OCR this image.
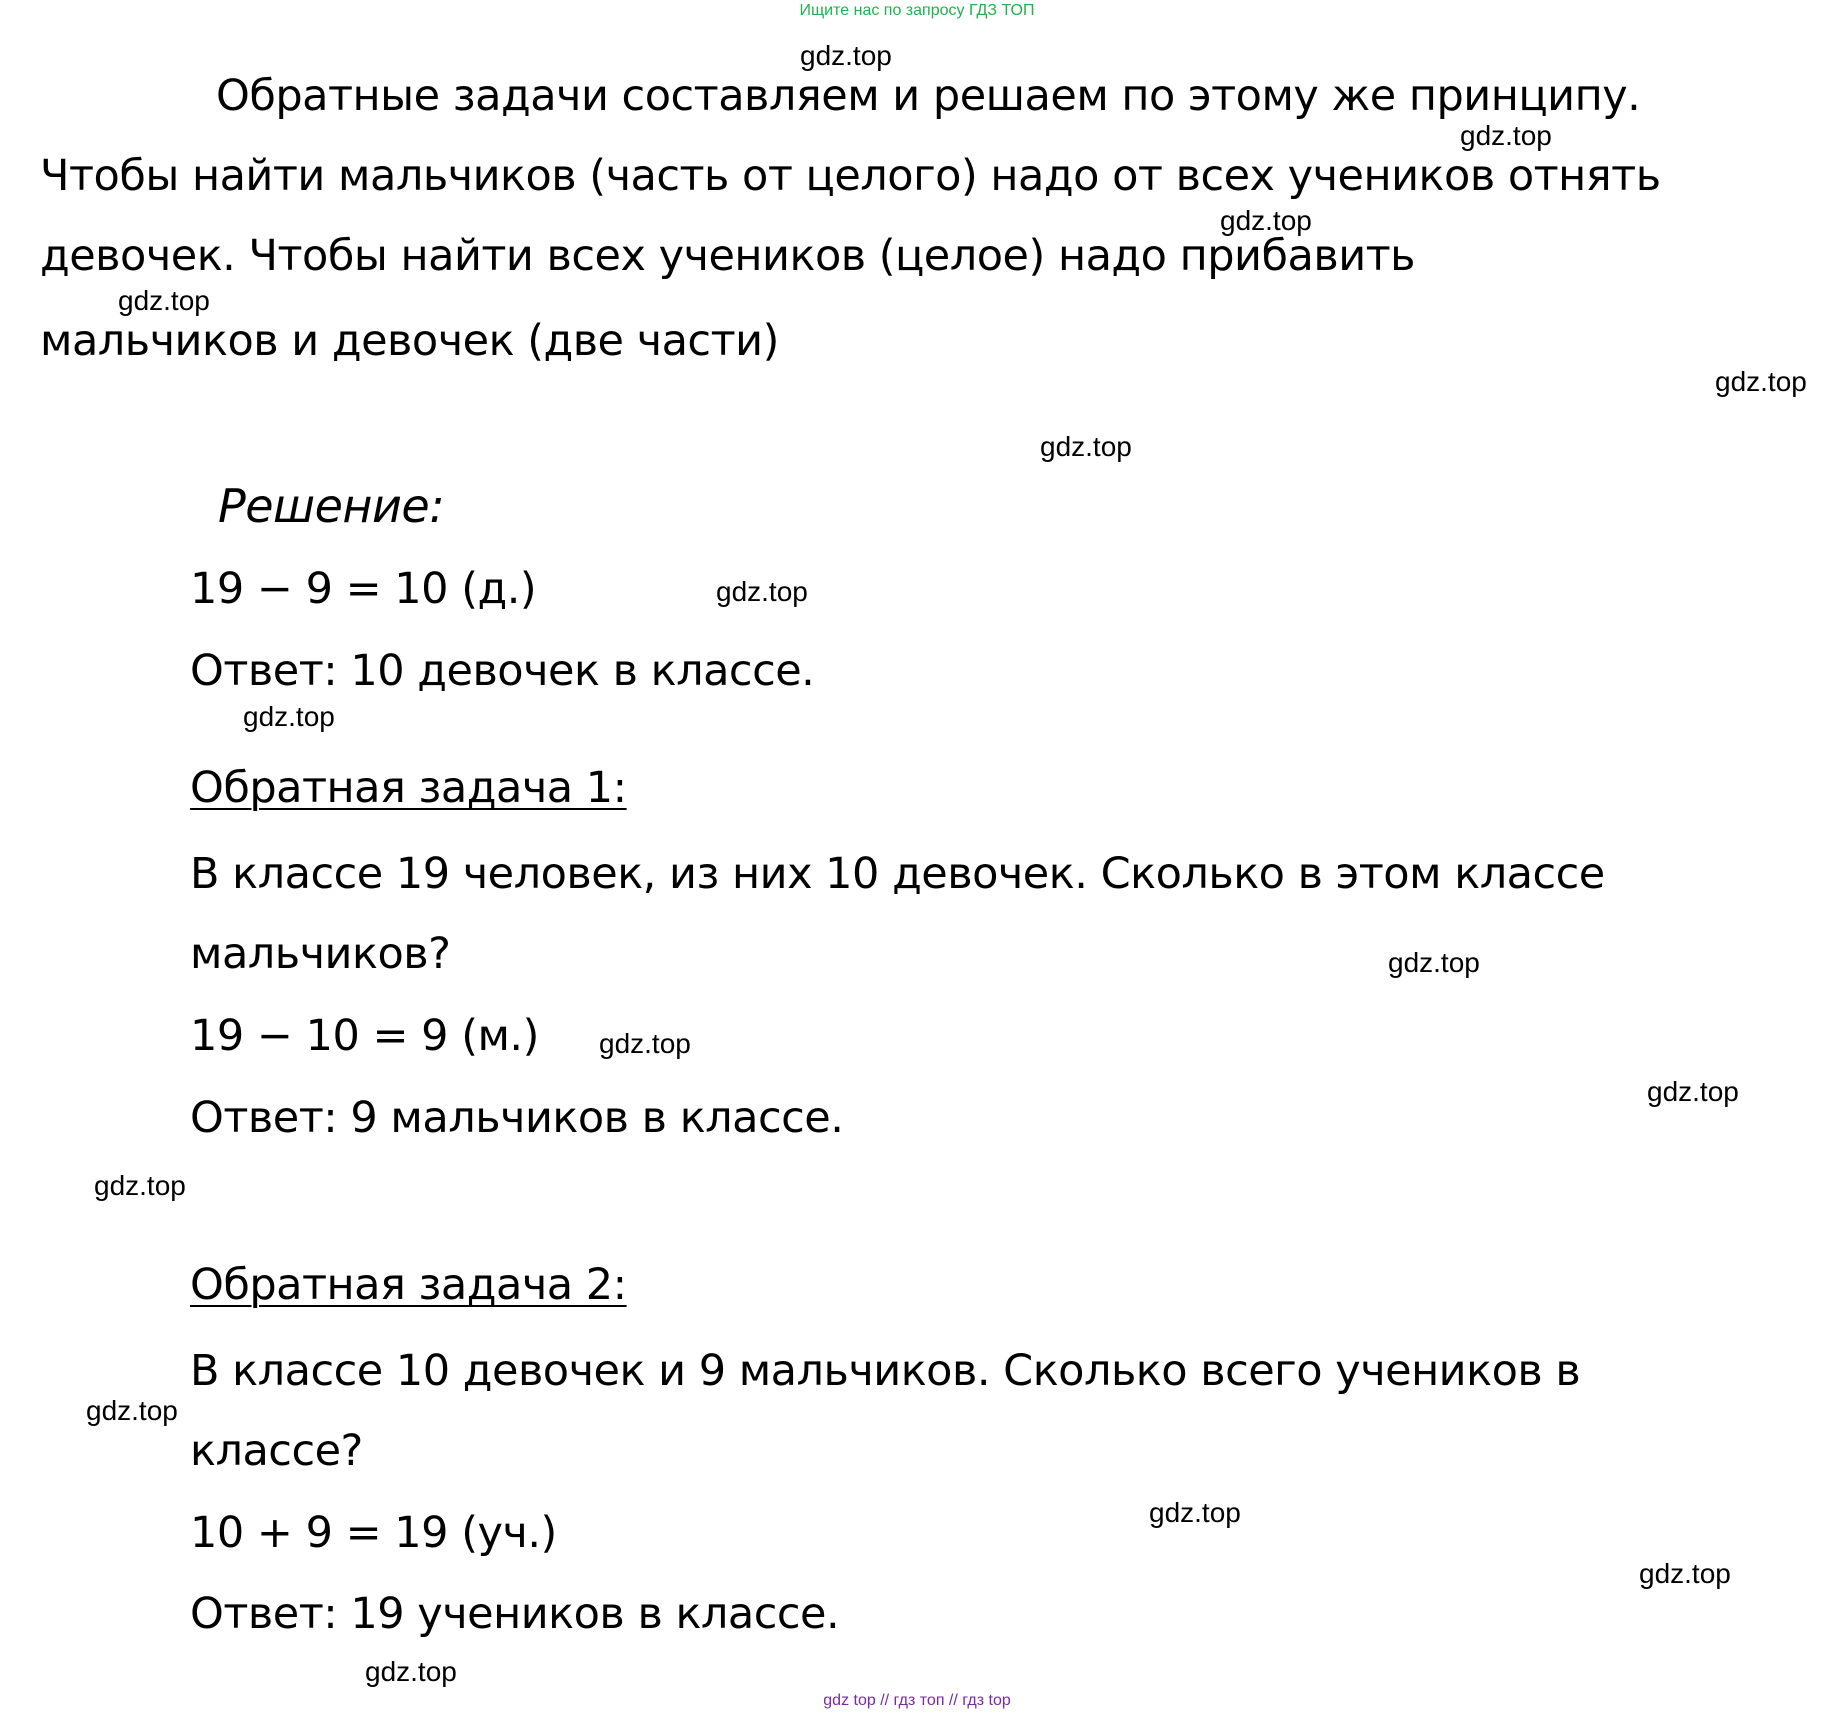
Ищите нас по запросу ГДЗ ТОП
Обратные задачи составляем и решаем по этому же принципу.
Чтобы найти мальчиков (часть от целого) надо от всех учеников отнять
девочек. Чтобы найти всех учеников (целое) надо прибавить
мальчиков и девочек (две части)
Решение:
19 − 9 = 10 (д.)
Ответ: 10 девочек в классе.
Обратная задача 1:
В классе 19 человек, из них 10 девочек. Сколько в этом классе
мальчиков?
19 − 10 = 9 (м.)
Ответ: 9 мальчиков в классе.
Обратная задача 2:
В классе 10 девочек и 9 мальчиков. Сколько всего учеников в
классе?
10 + 9 = 19 (уч.)
Ответ: 19 учеников в классе.
gdz.top
gdz.top
gdz.top
gdz.top
gdz.top
gdz.top
gdz.top
gdz.top
gdz.top
gdz.top
gdz.top
gdz.top
gdz.top
gdz.top
gdz.top
gdz.top
gdz top // гдз топ // гдз top
